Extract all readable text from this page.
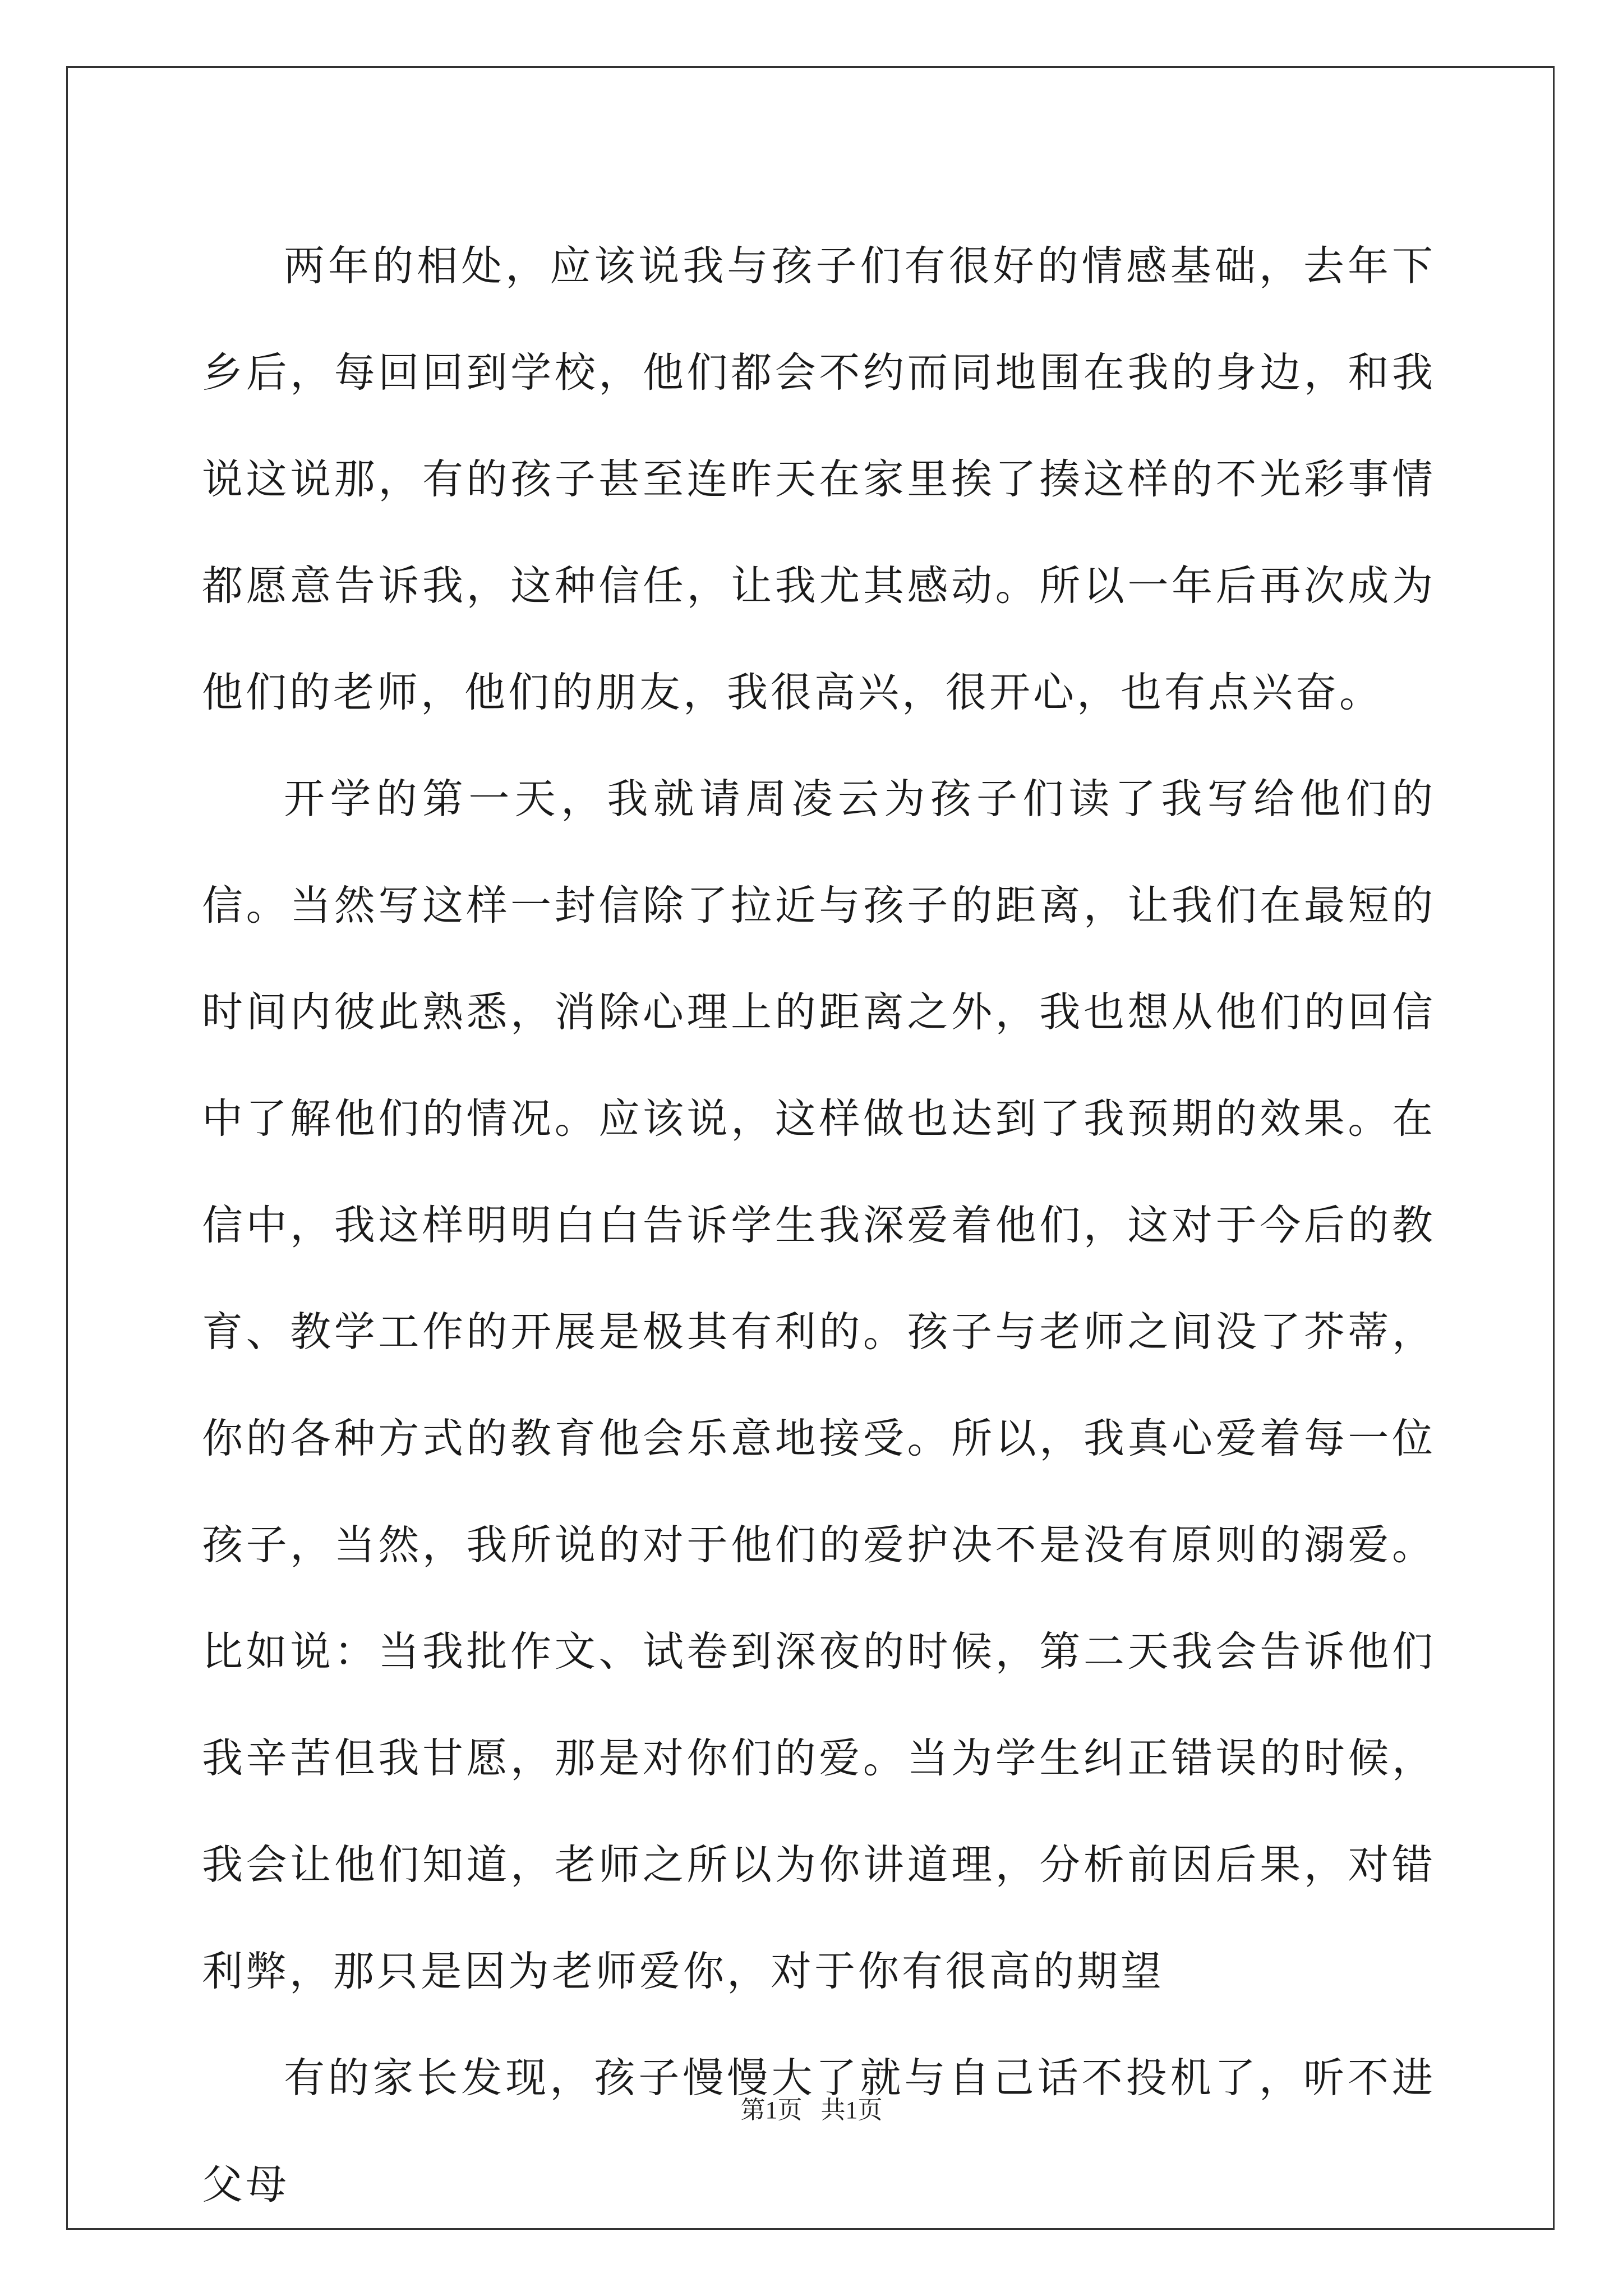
两年的相处，应该说我与孩子们有很好的情感基础，去年下乡后，每回回到学校，他们都会不约而同地围在我的身边，和我说这说那，有的孩子甚至连昨天在家里挨了揍这样的不光彩事情都愿意告诉我，这种信任，让我尤其感动。所以一年后再次成为他们的老师，他们的朋友，我很高兴，很开心，也有点兴奋。

开学的第一天，我就请周凌云为孩子们读了我写给他们的信。当然写这样一封信除了拉近与孩子的距离，让我们在最短的时间内彼此熟悉，消除心理上的距离之外，我也想从他们的回信中了解他们的情况。应该说，这样做也达到了我预期的效果。在信中，我这样明明白白告诉学生我深爱着他们，这对于今后的教育、教学工作的开展是极其有利的。孩子与老师之间没了芥蒂，你的各种方式的教育他会乐意地接受。所以，我真心爱着每一位孩子，当然，我所说的对于他们的爱护决不是没有原则的溺爱。比如说：当我批作文、试卷到深夜的时候，第二天我会告诉他们我辛苦但我甘愿，那是对你们的爱。当为学生纠正错误的时候，我会让他们知道，老师之所以为你讲道理，分析前因后果，对错利弊，那只是因为老师爱你，对于你有很高的期望

有的家长发现，孩子慢慢大了就与自己话不投机了，听不进父母

第1页   共1页
